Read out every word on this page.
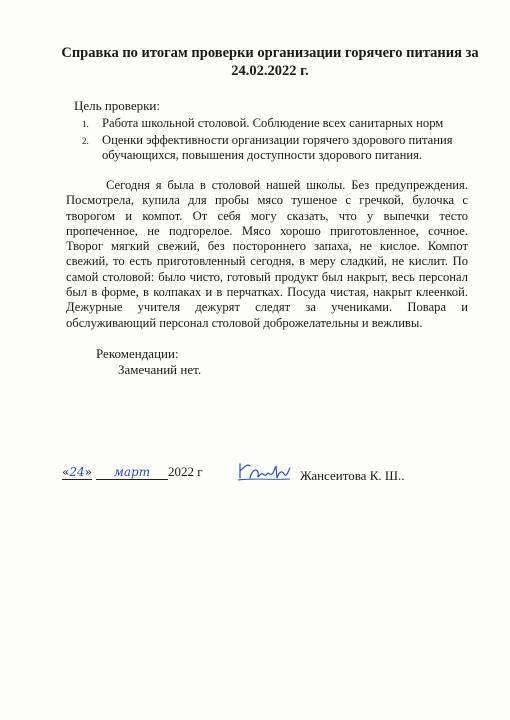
Справка по итогам проверки организации горячего питания за 24.02.2022 г.
Цель проверки:
1. Работа школьной столовой. Соблюдение всех санитарных норм
2. Оценки эффективности организации горячего здорового питания обучающихся, повышения доступности здорового питания.

Сегодня я была в столовой нашей школы. Без предупреждения. Посмотрела, купила для пробы мясо тушеное с гречкой, булочка с творогом и компот. От себя могу сказать, что у выпечки тесто пропеченное, не подгорелое. Мясо хорошо приготовленное, сочное. Творог мягкий свежий, без постороннего запаха, не кислое. Компот свежий, то есть приготовленный сегодня, в меру сладкий, не кислит. По самой столовой: было чисто, готовый продукт был накрыт, весь персонал был в форме, в колпаках и в перчатках. Посуда чистая, накрыт клеенкой. Дежурные учителя дежурят следят за учениками. Повара и обслуживающий персонал столовой доброжелательны и вежливы.

Рекомендации:
Замечаний нет.
«24»	март	2022 г	Жансеитова К. Ш..
